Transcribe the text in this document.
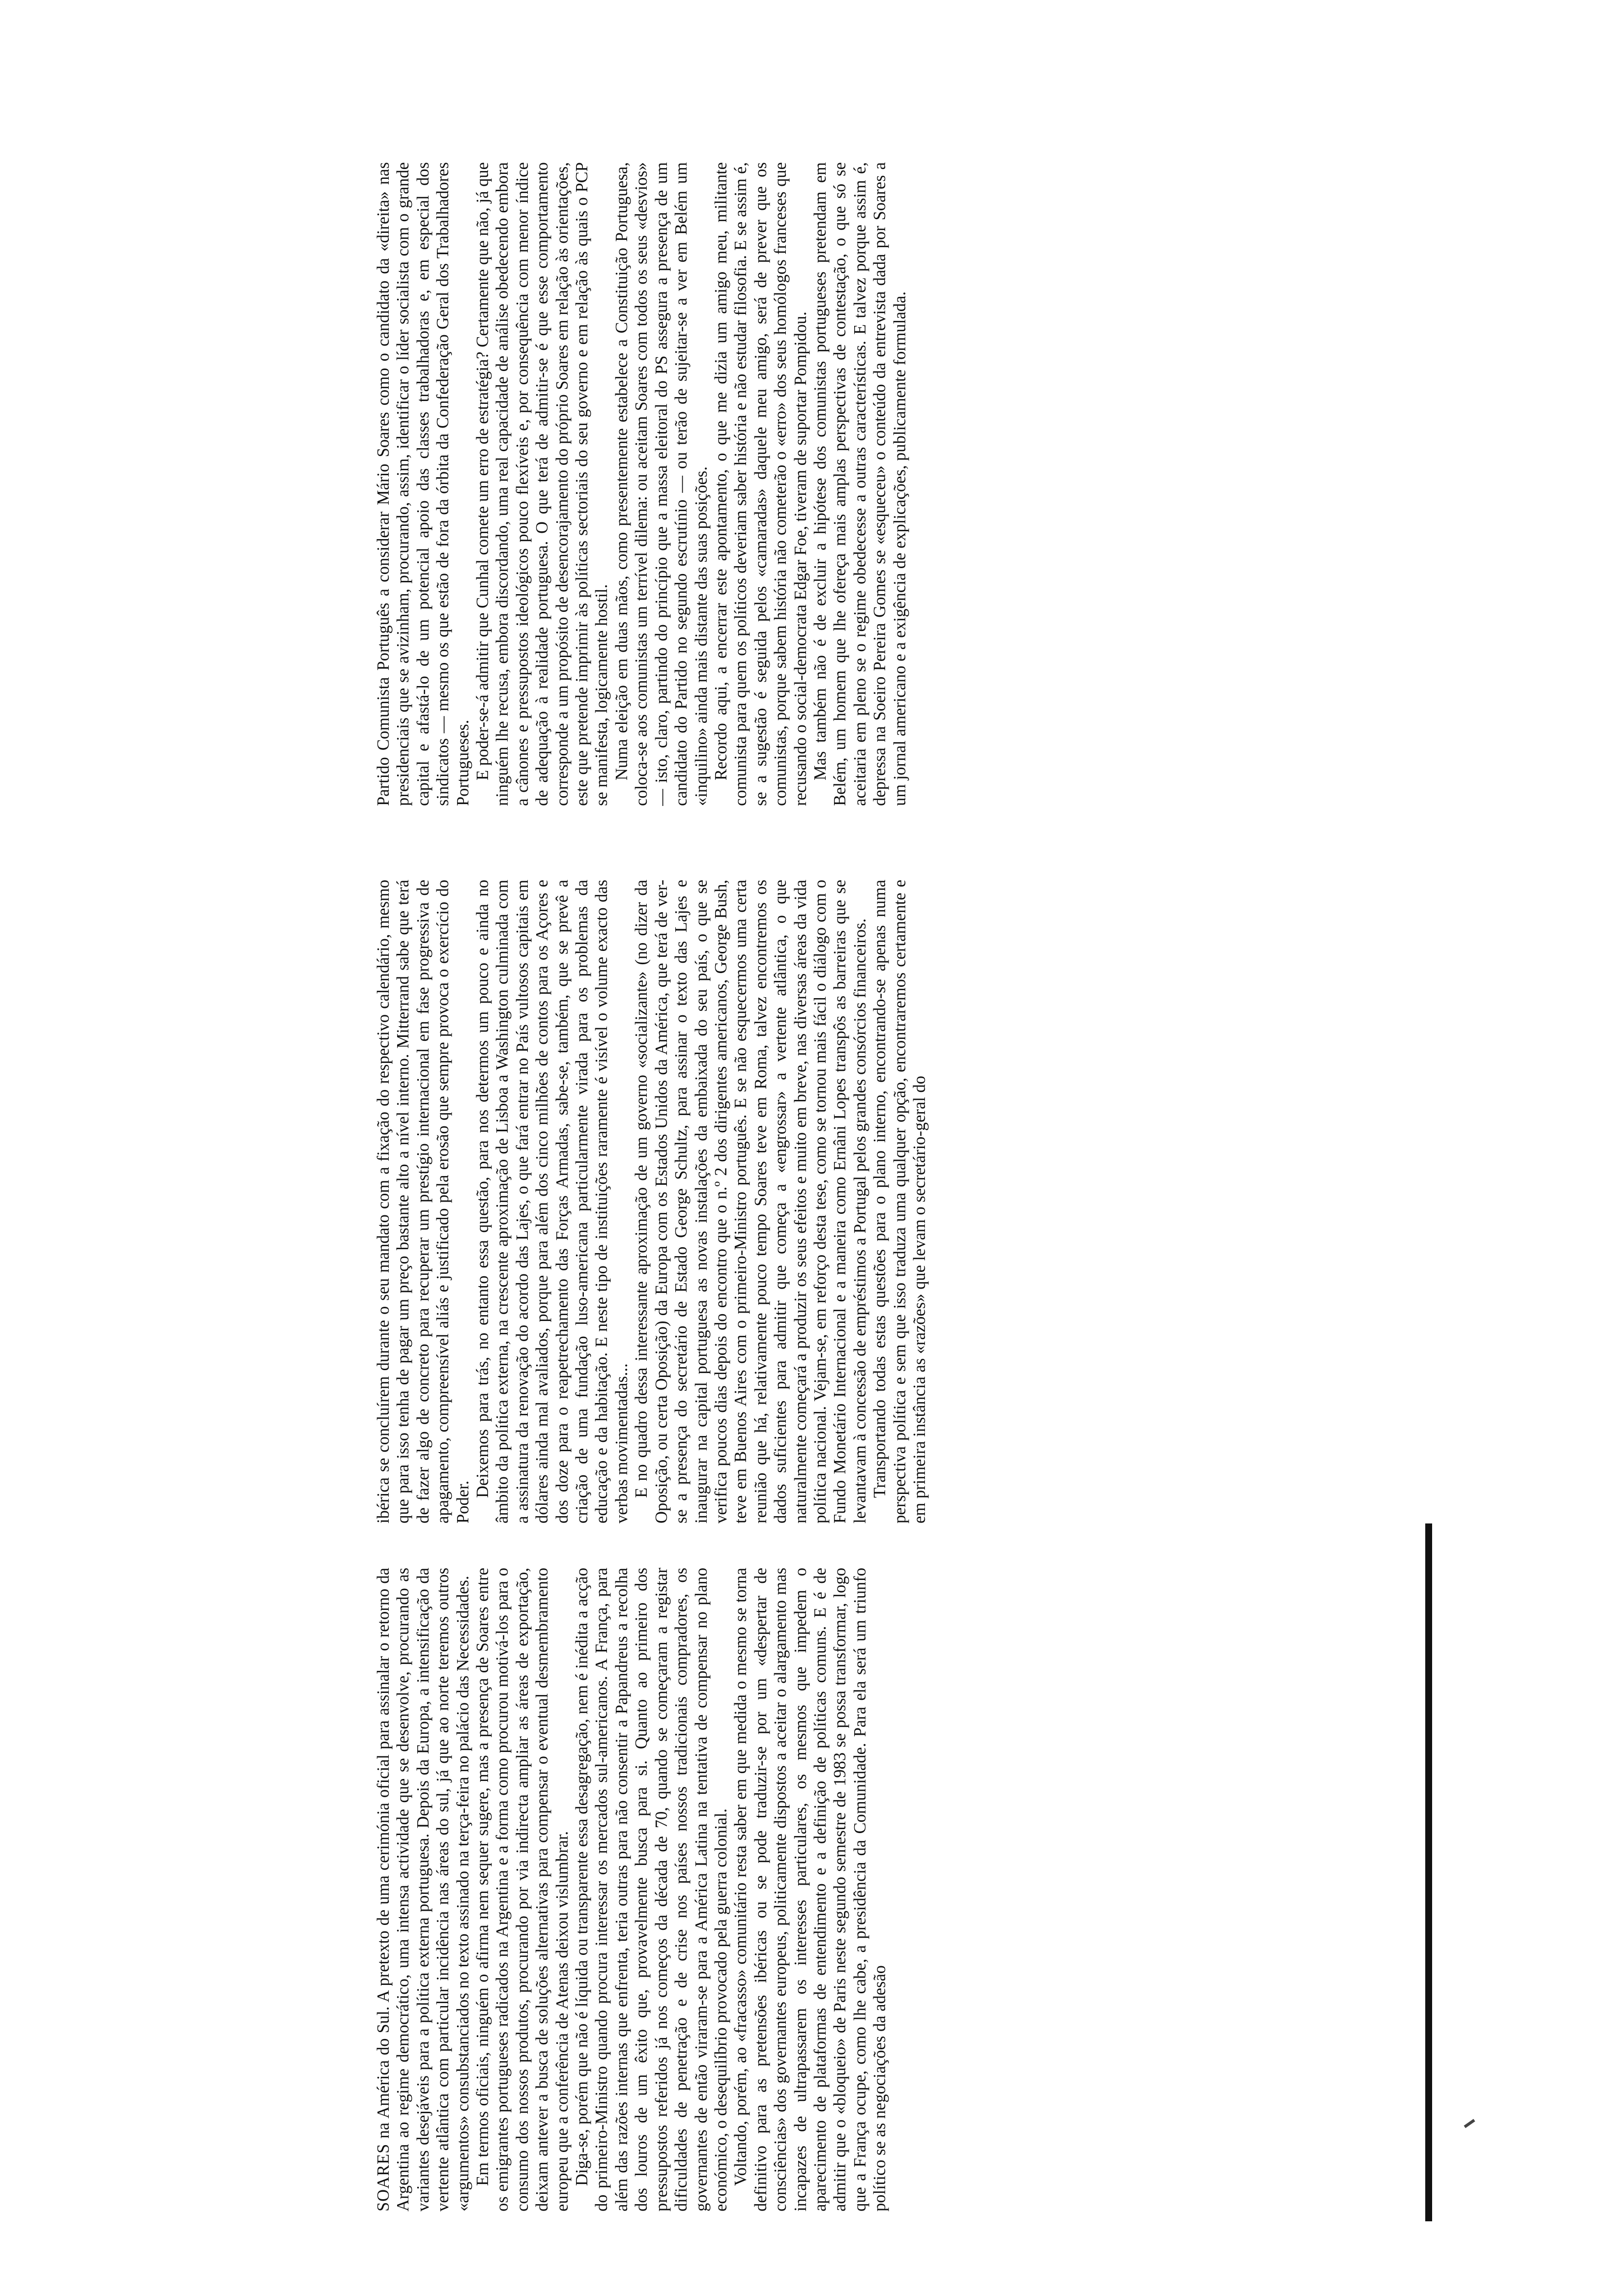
SOARES na América do Sul. A pretexto de uma cerimónia oficial para assinalar o retorno da Argentina ao regime democrático, uma intensa actividade que se desenvolve, procurando as variantes desejáveis para a política externa portuguesa. Depois da Europa, a intensificação da vertente atlântica com particular incidência nas áreas do sul, já que ao norte teremos outros «argumentos» consubstanciados no texto assinado na terça-feira no palácio das Necessidades. Em termos oficiais, ninguém o afirma nem sequer sugere, mas a presença de Soares entre os emigrantes portugueses radicados na Argentina e a forma como procurou motivá-los para o consumo dos nossos produtos, procurando por via indirecta ampliar as áreas de exportação, deixam antever a busca de soluções alternativas para compensar o eventual desmembramento europeu que a conferência de Atenas deixou vislumbrar. Diga-se, porém que não é líquida ou transparente essa desagregação, nem é inédita a acção do primeiro-Ministro quando procura interessar os mercados sul-americanos. A França, para além das razões internas que enfrenta, teria outras para não consentir a Papandreus a recolha dos louros de um êxito que, provavelmente busca para si. Quanto ao primeiro dos pressupostos referidos já nos começos da década de 70, quando se começaram a registar dificuldades de penetração e de crise nos países nossos tradicionais compradores, os governantes de então viraram-se para a América Latina na tentativa de compensar no plano económico, o desequilíbrio provocado pela guerra colonial. Voltando, porém, ao «fracasso» comunitário resta saber em que medida o mesmo se torna definitivo para as pretensões ibéricas ou se pode traduzir-se por um «despertar de consciências» dos governantes europeus, politicamente dispostos a aceitar o alargamento mas incapazes de ultrapassarem os interesses particulares, os mesmos que impedem o aparecimento de plataformas de entendimento e a definição de políticas comuns. E é de admitir que o «bloqueio» de Paris neste segundo semestre de 1983 se possa transformar, logo que a França ocupe, como lhe cabe, a presidência da Comunidade. Para ela será um triunfo político se as negociações da adesão

ibérica se concluírem durante o seu mandato com a fixação do respectivo calendário, mesmo que para isso tenha de pagar um preço bastante alto a nível interno. Mitterrand sabe que terá de fazer algo de concreto para recuperar um prestígio internacional em fase progressiva de apagamento, compreensível aliás e justificado pela erosão que sempre provoca o exercício do Poder.

Deixemos para trás, no entanto essa questão, para nos determos um pouco e ainda no âmbito da política externa, na crescente aproximação de Lisboa a Washington culminada com a assinatura da renovação do acordo das Lajes, o que fará entrar no País vultosos capitais em dólares ainda mal avaliados, porque para além dos cinco milhões de contos para os Açores e dos doze para o reapetrechamento das Forças Armadas, sabe-se, também, que se prevê a criação de uma fundação luso-americana particularmente virada para os problemas da educação e da habitação. E neste tipo de instituições raramente é visível o volume exacto das verbas movimentadas... E no quadro dessa interessante aproximação de um governo «socializante» (no dizer da Oposição, ou certa Oposição) da Europa com os Estados Unidos da América, que terá de ver-se a presença do secretário de Estado George Schultz, para assinar o texto das Lajes e inaugurar na capital portuguesa as novas instalações da embaixada do seu país, o que se verifica poucos dias depois do encontro que o n.º 2 dos dirigentes americanos, George Bush, teve em Buenos Aires com o primeiro-Ministro português. E se não esquecermos uma certa reunião que há, relativamente pouco tempo Soares teve em Roma, talvez encontremos os dados suficientes para admitir que começa a «engrossar» a vertente atlântica, o que naturalmente começará a produzir os seus efeitos e muito em breve, nas diversas áreas da vida política nacional. Vejam-se, em reforço desta tese, como se tornou mais fácil o diálogo com o Fundo Monetário Internacional e a maneira como Ernâni Lopes transpôs as barreiras que se levantavam à concessão de empréstimos a Portugal pelos grandes consórcios financeiros. Transportando todas estas questões para o plano interno, encontrando-se apenas numa perspectiva política e sem que isso traduza uma qualquer opção, encontraremos certamente e em primeira instância as «razões» que levam o secretário-geral do

Partido Comunista Português a considerar Mário Soares como o candidato da «direita» nas presidenciais que se avizinham, procurando, assim, identificar o líder socialista com o grande capital e afastá-lo de um potencial apoio das classes trabalhadoras e, em especial dos sindicatos — mesmo os que estão de fora da órbita da Confederação Geral dos Trabalhadores Portugueses. E poder-se-á admitir que Cunhal comete um erro de estratégia? Certamente que não, já que ninguém lhe recusa, embora discordando, uma real capacidade de análise obedecendo embora a cânones e pressupostos ideológicos pouco flexíveis e, por consequência com menor índice de adequação à realidade portuguesa. O que terá de admitir-se é que esse comportamento corresponde a um propósito de desencorajamento do próprio Soares em relação às orientações, este que pretende imprimir às políticas sectoriais do seu governo e em relação às quais o PCP se manifesta, logicamente hostil. Numa eleição em duas mãos, como presentemente estabelece a Constituição Portuguesa, coloca-se aos comunistas um terrível dilema: ou aceitam Soares com todos os seus «desvios» — isto, claro, partindo do princípio que a massa eleitoral do PS assegura a presença de um candidato do Partido no segundo escrutínio — ou terão de sujeitar-se a ver em Belém um «inquilino» ainda mais distante das suas posições. Recordo aqui, a encerrar este apontamento, o que me dizia um amigo meu, militante comunista para quem os políticos deveriam saber história e não estudar filosofia. E se assim é, se a sugestão é seguida pelos «camaradas» daquele meu amigo, será de prever que os comunistas, porque sabem história não cometerão o «erro» dos seus homólogos franceses que recusando o social-democrata Edgar Foe, tiveram de suportar Pompidou. Mas também não é de excluir a hipótese dos comunistas portugueses pretendam em Belém, um homem que lhe ofereça mais amplas perspectivas de contestação, o que só se aceitaria em pleno se o regime obedecesse a outras características. E talvez porque assim é, depressa na Soeiro Pereira Gomes se «esqueceu» o conteúdo da entrevista dada por Soares a um jornal americano e a exigência de explicações, publicamente formulada.
